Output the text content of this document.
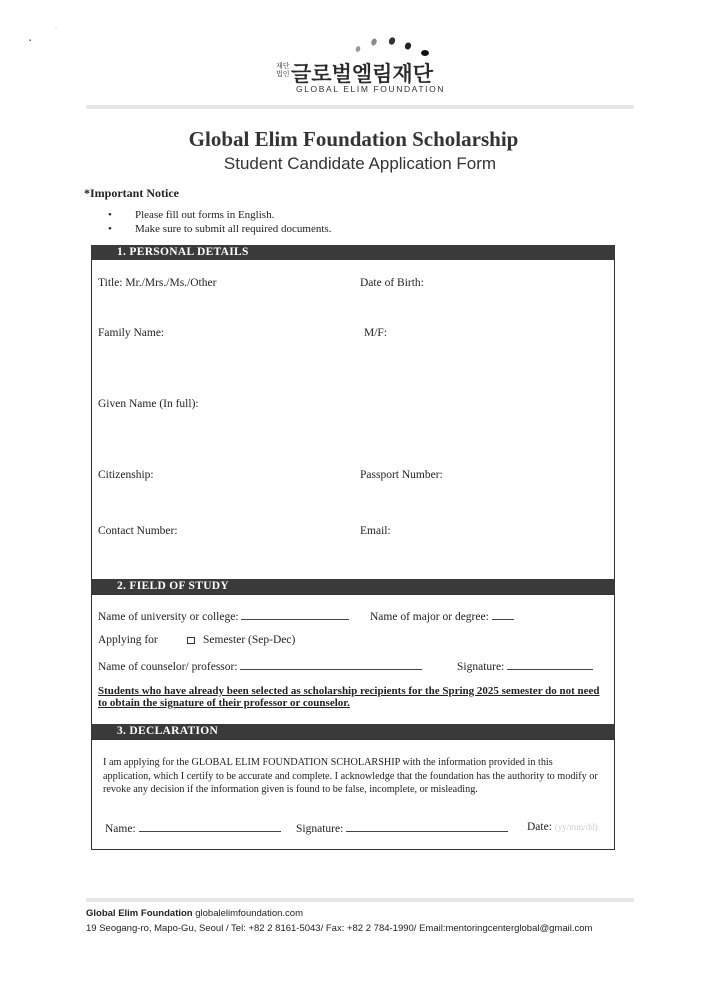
▪
ˈ
재단
법인 글로벌엘림재단
GLOBAL ELIM FOUNDATION
Global Elim Foundation Scholarship
Student Candidate Application Form
*Important Notice
• Please fill out forms in English.
• Make sure to submit all required documents.
1. PERSONAL DETAILS
Title: Mr./Mrs./Ms./Other	Date of Birth:
Family Name:	M/F:
Given Name (In full):
Citizenship:	Passport Number:
Contact Number:	Email:
2. FIELD OF STUDY
Name of university or college:	Name of major or degree:
Applying for	Semester (Sep-Dec)
Name of counselor/ professor:	Signature:
Students who have already been selected as scholarship recipients for the Spring 2025 semester do not need to obtain the signature of their professor or counselor.
3. DECLARATION
I am applying for the GLOBAL ELIM FOUNDATION SCHOLARSHIP with the information provided in this application, which I certify to be accurate and complete. I acknowledge that the foundation has the authority to modify or revoke any decision if the information given is found to be false, incomplete, or misleading.
Name:	Signature:	Date: (yy/mm/dd)
Global Elim Foundation globalelimfoundation.com
19 Seogang-ro, Mapo-Gu, Seoul / Tel: +82 2 8161-5043/ Fax: +82 2 784-1990/ Email:mentoringcenterglobal@gmail.com
